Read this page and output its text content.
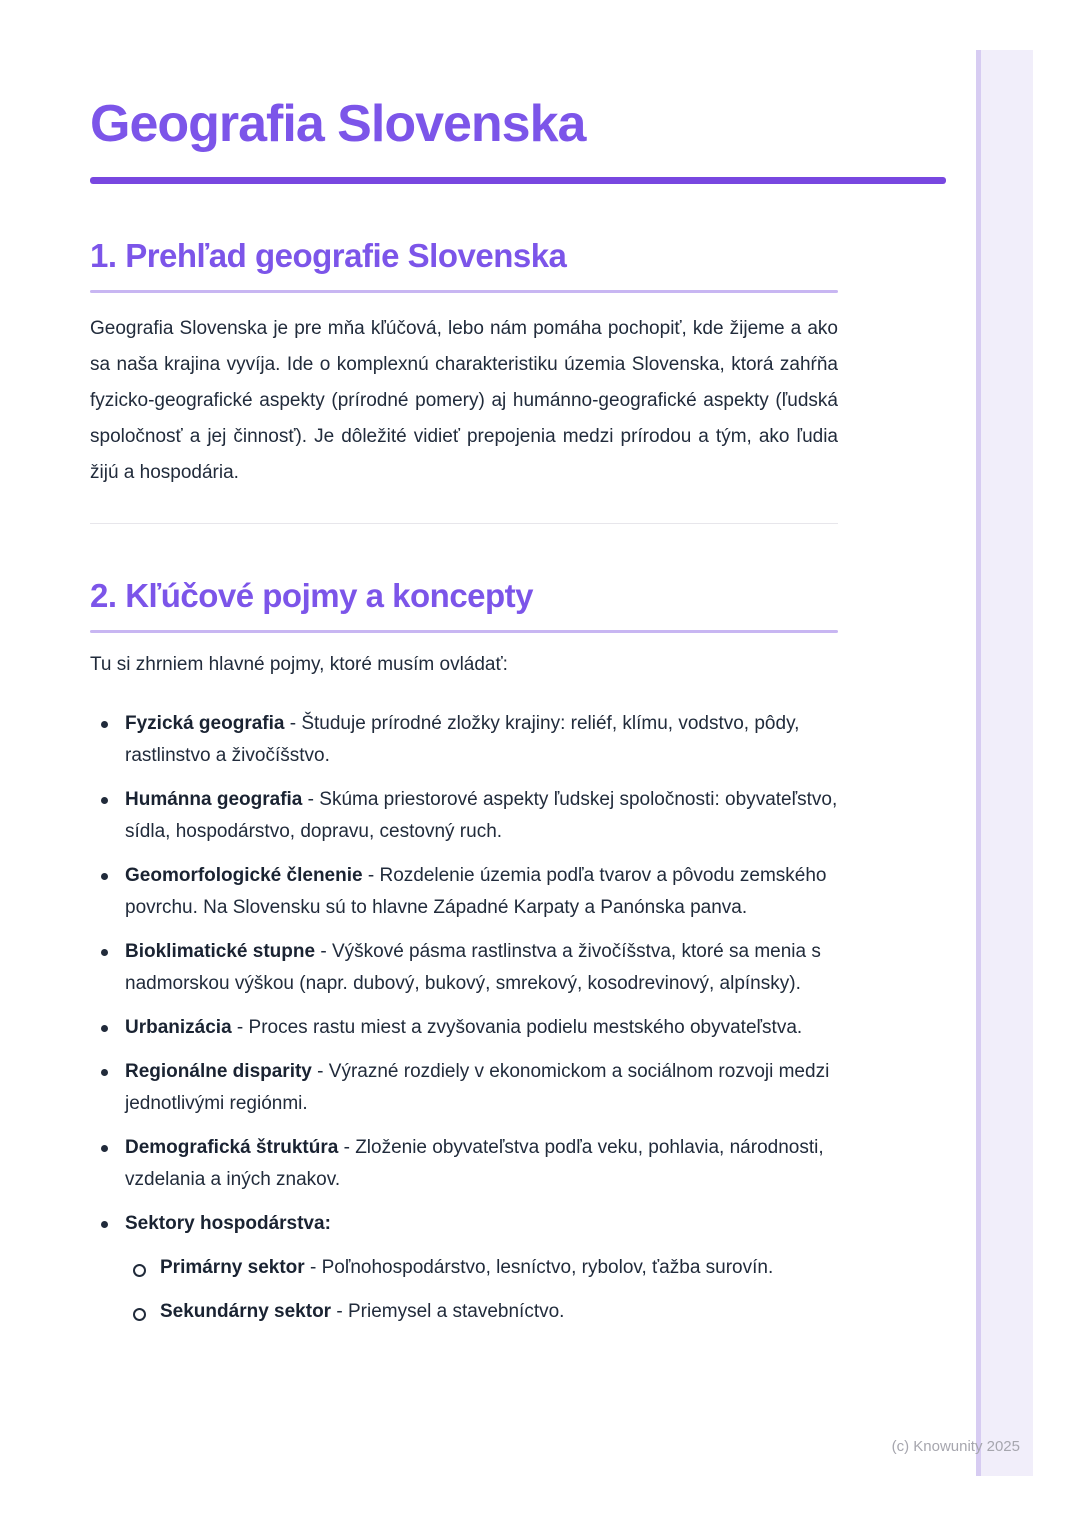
Geografia Slovenska
1. Prehľad geografie Slovenska

Geografia Slovenska je pre mňa kľúčová, lebo nám pomáha pochopiť, kde žijeme a ako sa naša krajina vyvíja. Ide o komplexnú charakteristiku územia Slovenska, ktorá zahŕňa fyzicko-geografické aspekty (prírodné pomery) aj humánno-geografické aspekty (ľudská spoločnosť a jej činnosť). Je dôležité vidieť prepojenia medzi prírodou a tým, ako ľudia žijú a hospodária.

2. Kľúčové pojmy a koncepty

Tu si zhrniem hlavné pojmy, ktoré musím ovládať:

Fyzická geografia - Študuje prírodné zložky krajiny: reliéf, klímu, vodstvo, pôdy, rastlinstvo a živočíšstvo.
Humánna geografia - Skúma priestorové aspekty ľudskej spoločnosti: obyvateľstvo, sídla, hospodárstvo, dopravu, cestovný ruch.
Geomorfologické členenie - Rozdelenie územia podľa tvarov a pôvodu zemského povrchu. Na Slovensku sú to hlavne Západné Karpaty a Panónska panva.
Bioklimatické stupne - Výškové pásma rastlinstva a živočíšstva, ktoré sa menia s nadmorskou výškou (napr. dubový, bukový, smrekový, kosodrevinový, alpínsky).
Urbanizácia - Proces rastu miest a zvyšovania podielu mestského obyvateľstva.
Regionálne disparity - Výrazné rozdiely v ekonomickom a sociálnom rozvoji medzi jednotlivými regiónmi.
Demografická štruktúra - Zloženie obyvateľstva podľa veku, pohlavia, národnosti, vzdelania a iných znakov.
Sektory hospodárstva:
Primárny sektor - Poľnohospodárstvo, lesníctvo, rybolov, ťažba surovín.
Sekundárny sektor - Priemysel a stavebníctvo.
(c) Knowunity 2025
